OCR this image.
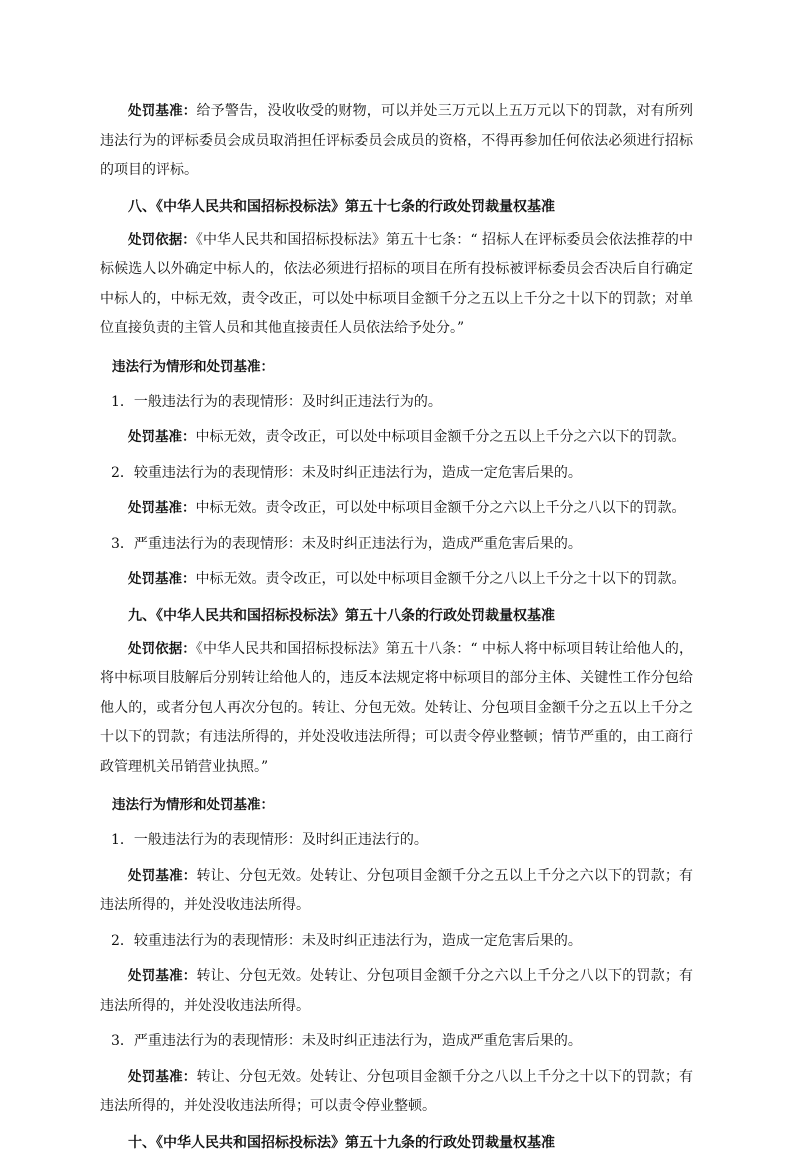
处罚基准：给予警告，没收收受的财物，可以并处三万元以上五万元以下的罚款，对有所列违法行为的评标委员会成员取消担任评标委员会成员的资格，不得再参加任何依法必须进行招标的项目的评标。

八、《中华人民共和国招标投标法》第五十七条的行政处罚裁量权基准

处罚依据：《中华人民共和国招标投标法》第五十七条：“ 招标人在评标委员会依法推荐的中标候选人以外确定中标人的，依法必须进行招标的项目在所有投标被评标委员会否决后自行确定中标人的，中标无效，责令改正，可以处中标项目金额千分之五以上千分之十以下的罚款；对单位直接负责的主管人员和其他直接责任人员依法给予处分。”

违法行为情形和处罚基准：

1．一般违法行为的表现情形：及时纠正违法行为的。

处罚基准：中标无效，责令改正，可以处中标项目金额千分之五以上千分之六以下的罚款。

2．较重违法行为的表现情形：未及时纠正违法行为，造成一定危害后果的。

处罚基准：中标无效。责令改正，可以处中标项目金额千分之六以上千分之八以下的罚款。

3．严重违法行为的表现情形：未及时纠正违法行为，造成严重危害后果的。

处罚基准：中标无效。责令改正，可以处中标项目金额千分之八以上千分之十以下的罚款。

九、《中华人民共和国招标投标法》第五十八条的行政处罚裁量权基准

处罚依据：《中华人民共和国招标投标法》第五十八条：“ 中标人将中标项目转让给他人的，将中标项目肢解后分别转让给他人的，违反本法规定将中标项目的部分主体、关键性工作分包给他人的，或者分包人再次分包的。转让、分包无效。处转让、分包项目金额千分之五以上千分之十以下的罚款；有违法所得的，并处没收违法所得；可以责令停业整顿；情节严重的，由工商行政管理机关吊销营业执照。”

违法行为情形和处罚基准：

1．一般违法行为的表现情形：及时纠正违法行的。

处罚基准：转让、分包无效。处转让、分包项目金额千分之五以上千分之六以下的罚款；有违法所得的，并处没收违法所得。

2．较重违法行为的表现情形：未及时纠正违法行为，造成一定危害后果的。

处罚基准：转让、分包无效。处转让、分包项目金额千分之六以上千分之八以下的罚款；有违法所得的，并处没收违法所得。

3．严重违法行为的表现情形：未及时纠正违法行为，造成严重危害后果的。

处罚基准：转让、分包无效。处转让、分包项目金额千分之八以上千分之十以下的罚款；有违法所得的，并处没收违法所得；可以责令停业整顿。

十、《中华人民共和国招标投标法》第五十九条的行政处罚裁量权基准
